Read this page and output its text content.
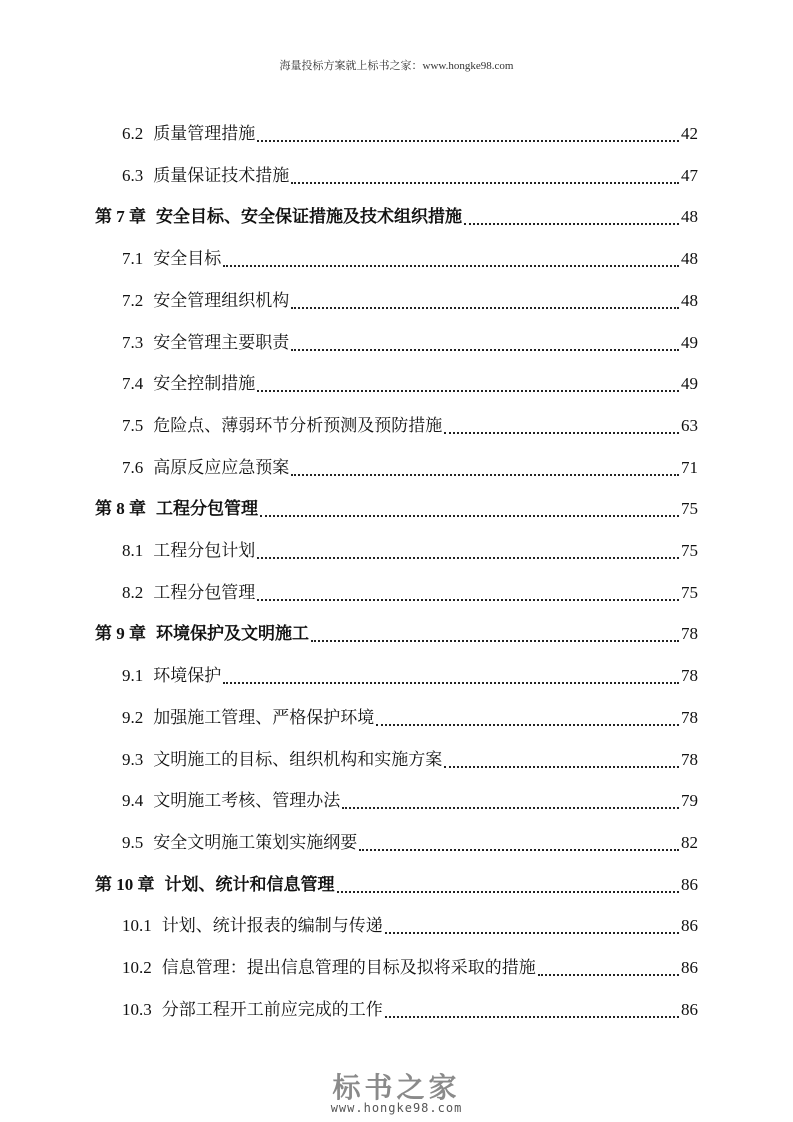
海量投标方案就上标书之家：www.hongke98.com
6.2 质量管理措施	42
6.3 质量保证技术措施	47
第 7 章 安全目标、安全保证措施及技术组织措施	48
7.1 安全目标	48
7.2 安全管理组织机构	48
7.3 安全管理主要职责	49
7.4 安全控制措施	49
7.5 危险点、薄弱环节分析预测及预防措施	63
7.6 高原反应应急预案	71
第 8 章 工程分包管理	75
8.1 工程分包计划	75
8.2 工程分包管理	75
第 9 章 环境保护及文明施工	78
9.1 环境保护	78
9.2 加强施工管理、严格保护环境	78
9.3 文明施工的目标、组织机构和实施方案	78
9.4 文明施工考核、管理办法	79
9.5 安全文明施工策划实施纲要	82
第 10 章 计划、统计和信息管理	86
10.1 计划、统计报表的编制与传递	86
10.2 信息管理：提出信息管理的目标及拟将采取的措施	86
10.3 分部工程开工前应完成的工作	86
标书之家
www.hongke98.com
